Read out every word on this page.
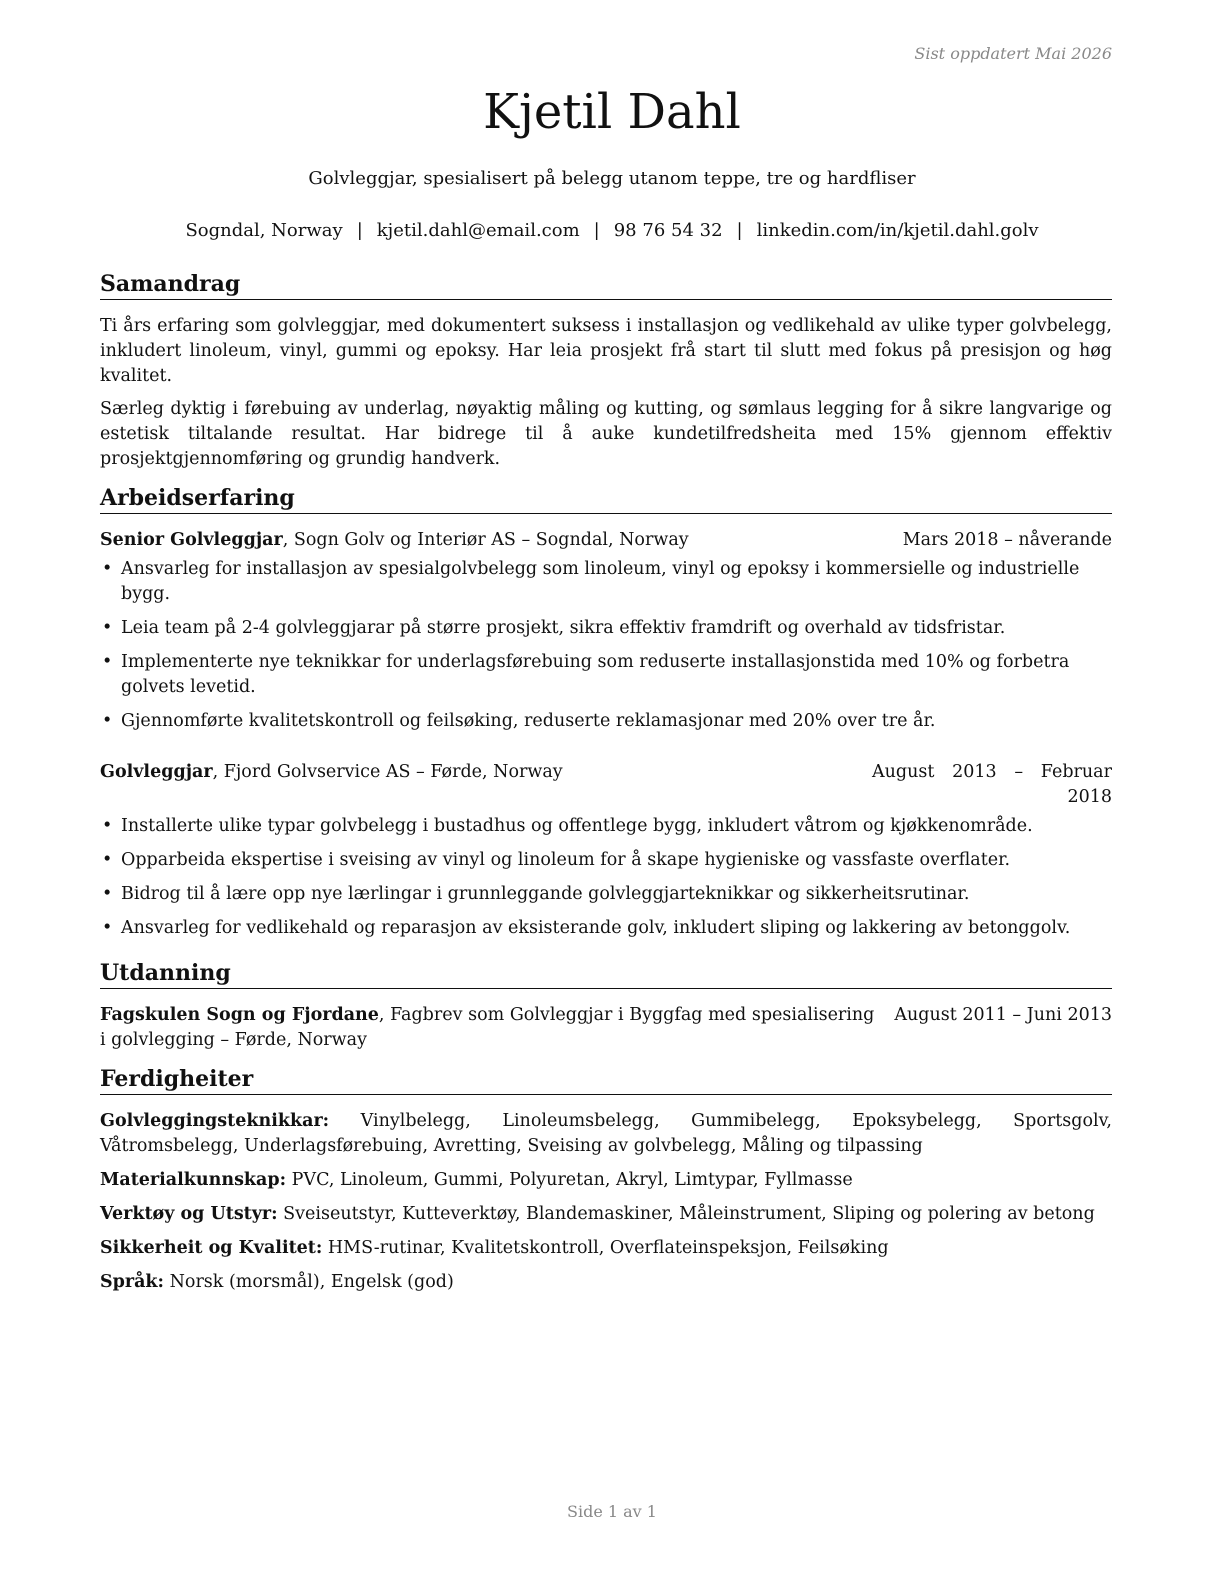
Sist oppdatert Mai 2026
Kjetil Dahl
Golvleggjar, spesialisert på belegg utanom teppe, tre og hardfliser
Sogndal, Norway | kjetil.dahl@email.com | 98 76 54 32 | linkedin.com/in/kjetil.dahl.golv
Samandrag

Ti års erfaring som golvleggjar, med dokumentert suksess i installasjon og vedlikehald av ulike typer golvbelegg, inkludert linoleum, vinyl, gummi og epoksy. Har leia prosjekt frå start til slutt med fokus på presisjon og høg kvalitet.

Særleg dyktig i førebuing av underlag, nøyaktig måling og kutting, og sømlaus legging for å sikre langvarige og estetisk tiltalande resultat. Har bidrege til å auke kundetilfredsheita med 15% gjennom effektiv prosjektgjennomføring og grundig handverk.

Arbeidserfaring
Senior Golvleggjar, Sogn Golv og Interiør AS – Sogndal, Norway	Mars 2018 – nåverande
• Ansvarleg for installasjon av spesialgolvbelegg som linoleum, vinyl og epoksy i kommersielle og industrielle bygg.
• Leia team på 2-4 golvleggjarar på større prosjekt, sikra effektiv framdrift og overhald av tidsfristar.
• Implementerte nye teknikkar for underlagsførebuing som reduserte installasjonstida med 10% og forbetra golvets levetid.
• Gjennomførte kvalitetskontroll og feilsøking, reduserte reklamasjonar med 20% over tre år.
Golvleggjar, Fjord Golvservice AS – Førde, Norway	August 2013 – Februar 2018
• Installerte ulike typar golvbelegg i bustadhus og offentlege bygg, inkludert våtrom og kjøkkenområde.
• Opparbeida ekspertise i sveising av vinyl og linoleum for å skape hygieniske og vassfaste overflater.
• Bidrog til å lære opp nye lærlingar i grunnleggande golvleggjarteknikkar og sikkerheitsrutinar.
• Ansvarleg for vedlikehald og reparasjon av eksisterande golv, inkludert sliping og lakkering av betonggolv.
Utdanning
Fagskulen Sogn og Fjordane, Fagbrev som Golvleggjar i Byggfag med spesialisering i golvlegging – Førde, Norway
August 2011 – Juni 2013
Ferdigheiter
Golvleggingsteknikkar: Vinylbelegg, Linoleumsbelegg, Gummibelegg, Epoksybelegg, Sportsgolv, Våtromsbelegg, Underlagsførebuing, Avretting, Sveising av golvbelegg, Måling og tilpassing
Materialkunnskap: PVC, Linoleum, Gummi, Polyuretan, Akryl, Limtypar, Fyllmasse
Verktøy og Utstyr: Sveiseutstyr, Kutteverktøy, Blandemaskiner, Måleinstrument, Sliping og polering av betong
Sikkerheit og Kvalitet: HMS-rutinar, Kvalitetskontroll, Overflateinspeksjon, Feilsøking
Språk: Norsk (morsmål), Engelsk (god)
Side 1 av 1
